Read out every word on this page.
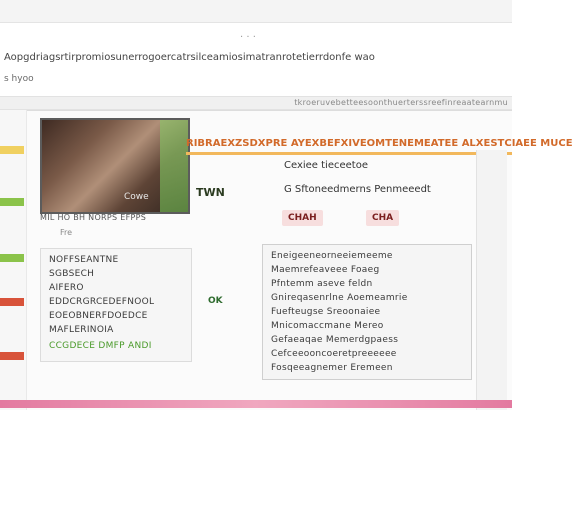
· · ·
Aopgdriagsrtirpromiosunerrogoercatrsilceamiosimatranrotetierrdonfe wao
s hyoo
tkroeruvebetteesoonthuerterssreefinreaatearnmu
Cowe
MIL HO BH NORPS EFPPS
RIBRAEXZSDXPRE AYEXBEFXIVEOMTENEMEATEE ALXESTCIAEE MUCE
TWN
Cexiee tieceetoe
G Sftoneedmerns Penmeeedt
CHAH	CHA
Fre
NOFFSEANTNE
SGBSECH
AIFERO
EDDCRGRCEDEFNOOL
EOEOBNERFDOEDCE
MAFLERINOIA
CCGDECE DMFP ANDI
OK
Eneigeeneorneeiemeeme
Maemrefeaveee Foaeg
Pfntemm aseve feldn
Gnireqasenrlne Aoemeamrie
Fuefteugse Sreoonaiee
Mnicomaccmane Mereo
Gefaeaqae Memerdgpaess
Cefceeooncoeretpreeeeee
Fosqeeagnemer Eremeen
